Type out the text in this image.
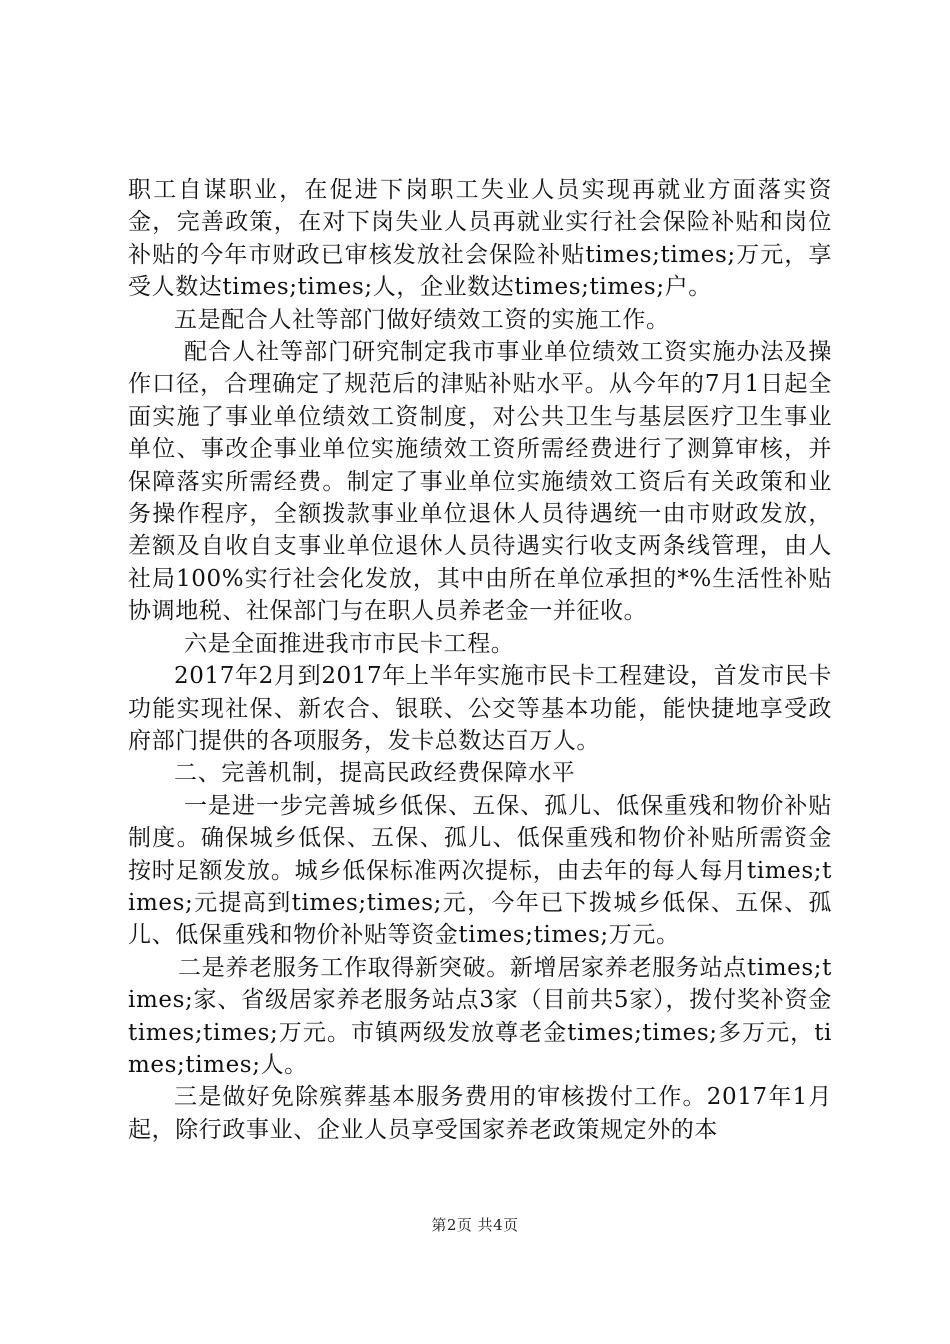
职工自谋职业，在促进下岗职工失业人员实现再就业方面落实资金，完善政策，在对下岗失业人员再就业实行社会保险补贴和岗位补贴的今年市财政已审核发放社会保险补贴times;times;万元，享受人数达times;times;人，企业数达times;times;户。

五是配合人社等部门做好绩效工资的实施工作。

配合人社等部门研究制定我市事业单位绩效工资实施办法及操作口径，合理确定了规范后的津贴补贴水平。从今年的7月1日起全面实施了事业单位绩效工资制度，对公共卫生与基层医疗卫生事业单位、事改企事业单位实施绩效工资所需经费进行了测算审核，并保障落实所需经费。制定了事业单位实施绩效工资后有关政策和业务操作程序，全额拨款事业单位退休人员待遇统一由市财政发放，差额及自收自支事业单位退休人员待遇实行收支两条线管理，由人社局100%实行社会化发放，其中由所在单位承担的*%生活性补贴协调地税、社保部门与在职人员养老金一并征收。

六是全面推进我市市民卡工程。

2017年2月到2017年上半年实施市民卡工程建设，首发市民卡功能实现社保、新农合、银联、公交等基本功能，能快捷地享受政府部门提供的各项服务，发卡总数达百万人。

二、完善机制，提高民政经费保障水平

一是进一步完善城乡低保、五保、孤儿、低保重残和物价补贴制度。确保城乡低保、五保、孤儿、低保重残和物价补贴所需资金按时足额发放。城乡低保标准两次提标，由去年的每人每月times;times;元提高到times;times;元，今年已下拨城乡低保、五保、孤儿、低保重残和物价补贴等资金times;times;万元。

二是养老服务工作取得新突破。新增居家养老服务站点times;times;家、省级居家养老服务站点3家（目前共5家），拨付奖补资金times;times;万元。市镇两级发放尊老金times;times;多万元，times;times;人。

三是做好免除殡葬基本服务费用的审核拨付工作。2017年1月起，除行政事业、企业人员享受国家养老政策规定外的本

第2页 共4页
